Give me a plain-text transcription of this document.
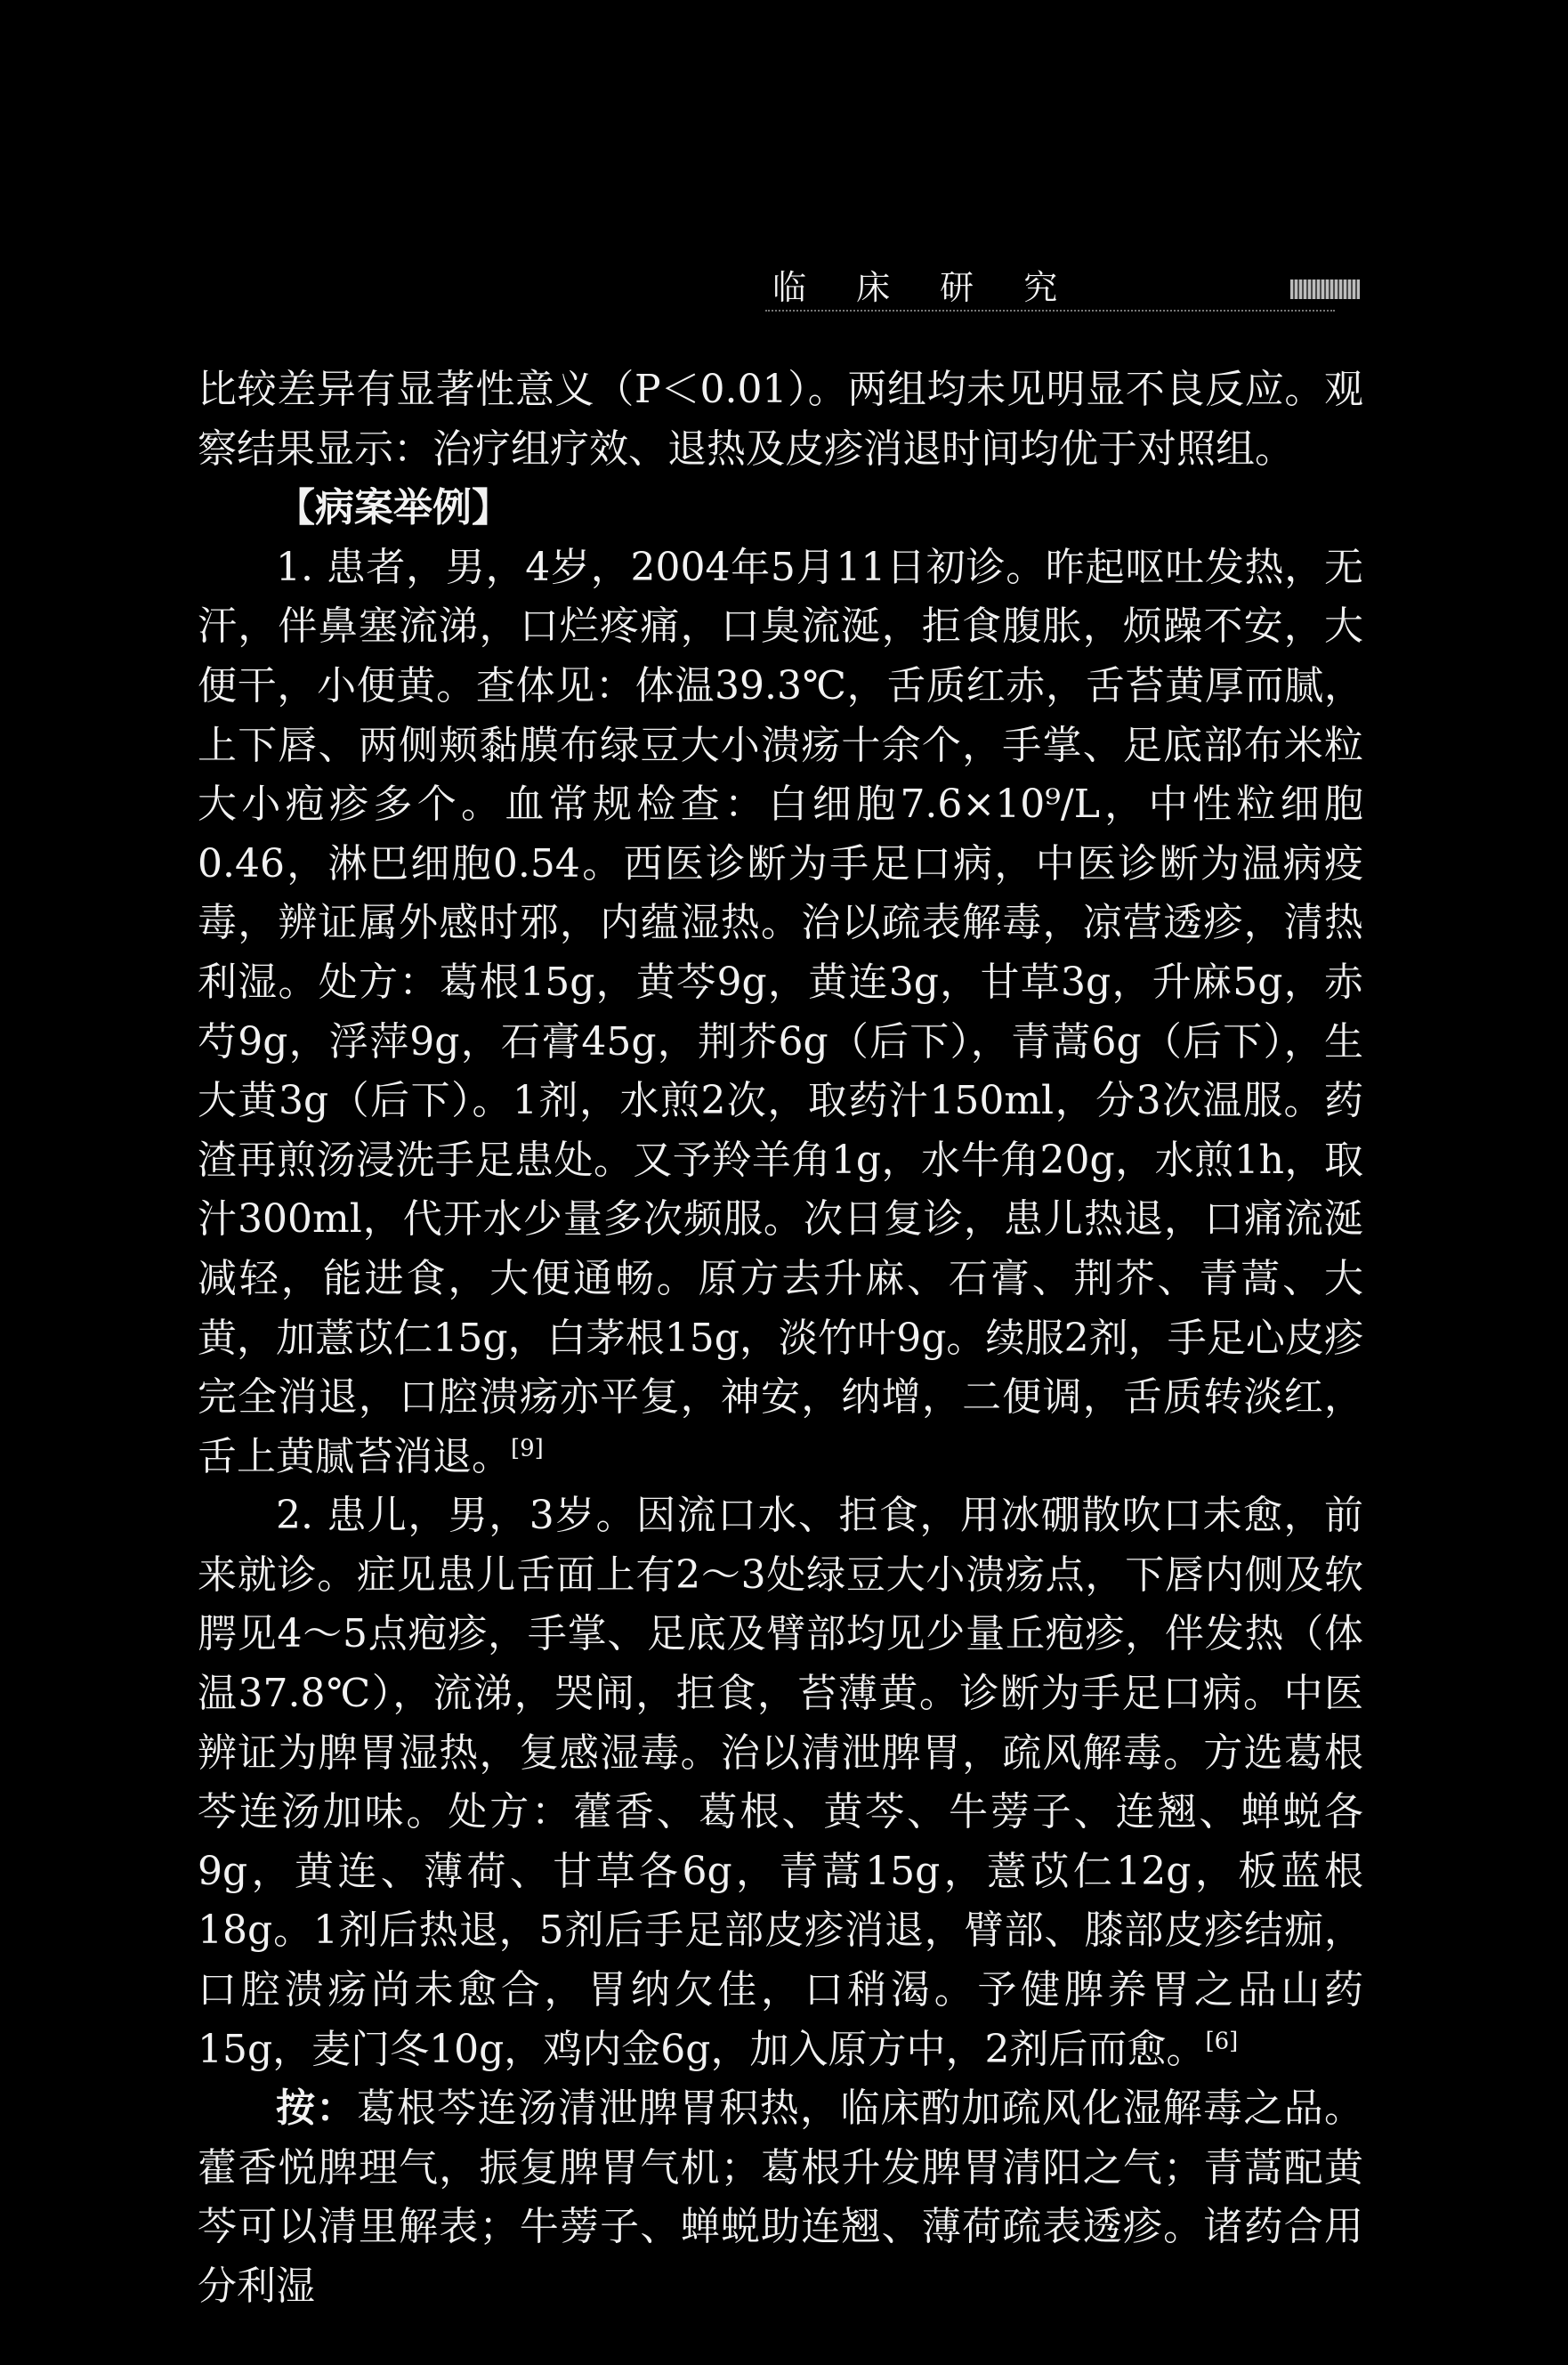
临 床 研 究
比较差异有显著性意义（P＜0.01）。两组均未见明显不良反应。观察结果显示：治疗组疗效、退热及皮疹消退时间均优于对照组。
【病案举例】
1. 患者，男，4岁，2004年5月11日初诊。昨起呕吐发热，无汗，伴鼻塞流涕，口烂疼痛，口臭流涎，拒食腹胀，烦躁不安，大便干，小便黄。查体见：体温39.3℃，舌质红赤，舌苔黄厚而腻，上下唇、两侧颊黏膜布绿豆大小溃疡十余个，手掌、足底部布米粒大小疱疹多个。血常规检查：白细胞7.6×10⁹/L，中性粒细胞0.46，淋巴细胞0.54。西医诊断为手足口病，中医诊断为温病疫毒，辨证属外感时邪，内蕴湿热。治以疏表解毒，凉营透疹，清热利湿。处方：葛根15g，黄芩9g，黄连3g，甘草3g，升麻5g，赤芍9g，浮萍9g，石膏45g，荆芥6g（后下），青蒿6g（后下），生大黄3g（后下）。1剂，水煎2次，取药汁150ml，分3次温服。药渣再煎汤浸洗手足患处。又予羚羊角1g，水牛角20g，水煎1h，取汁300ml，代开水少量多次频服。次日复诊，患儿热退，口痛流涎减轻，能进食，大便通畅。原方去升麻、石膏、荆芥、青蒿、大黄，加薏苡仁15g，白茅根15g，淡竹叶9g。续服2剂，手足心皮疹完全消退，口腔溃疡亦平复，神安，纳增，二便调，舌质转淡红，舌上黄腻苔消退。[9]
2. 患儿，男，3岁。因流口水、拒食，用冰硼散吹口未愈，前来就诊。症见患儿舌面上有2～3处绿豆大小溃疡点，下唇内侧及软腭见4～5点疱疹，手掌、足底及臂部均见少量丘疱疹，伴发热（体温37.8℃），流涕，哭闹，拒食，苔薄黄。诊断为手足口病。中医辨证为脾胃湿热，复感湿毒。治以清泄脾胃，疏风解毒。方选葛根芩连汤加味。处方：藿香、葛根、黄芩、牛蒡子、连翘、蝉蜕各9g，黄连、薄荷、甘草各6g，青蒿15g，薏苡仁12g，板蓝根18g。1剂后热退，5剂后手足部皮疹消退，臂部、膝部皮疹结痂，口腔溃疡尚未愈合，胃纳欠佳，口稍渴。予健脾养胃之品山药15g，麦门冬10g，鸡内金6g，加入原方中，2剂后而愈。[6]
按：葛根芩连汤清泄脾胃积热，临床酌加疏风化湿解毒之品。藿香悦脾理气，振复脾胃气机；葛根升发脾胃清阳之气；青蒿配黄芩可以清里解表；牛蒡子、蝉蜕助连翘、薄荷疏表透疹。诸药合用分利湿
